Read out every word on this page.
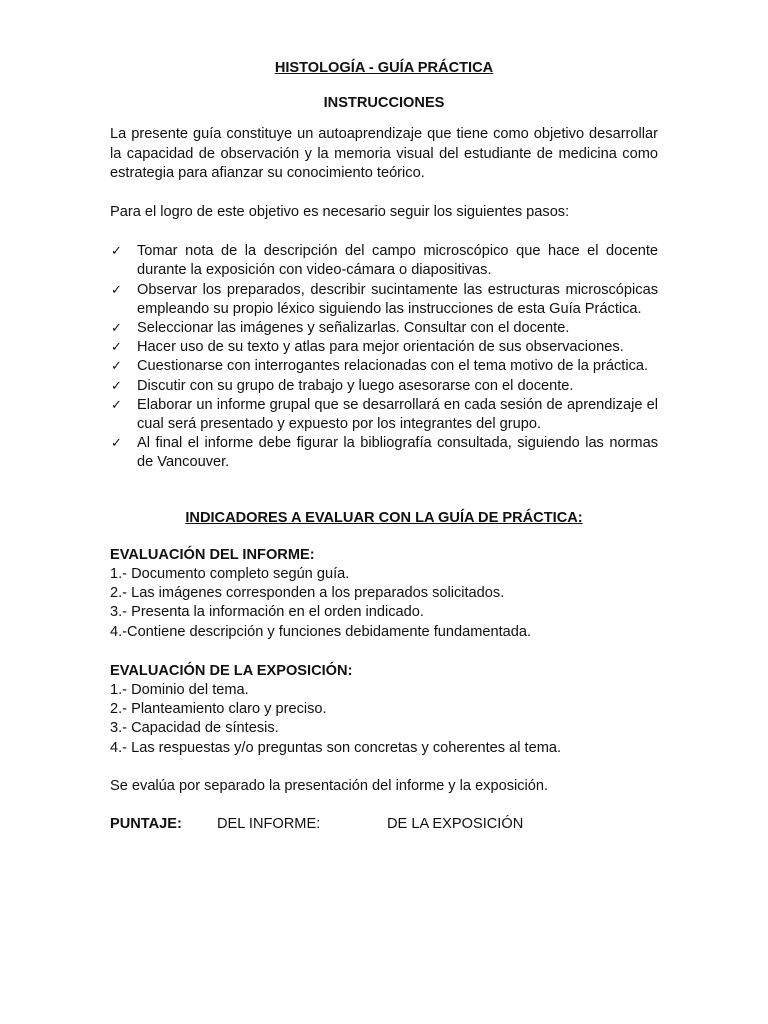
HISTOLOGÍA - GUÍA PRÁCTICA

INSTRUCCIONES

La presente guía constituye un autoaprendizaje que tiene como objetivo desarrollar la capacidad de observación y la memoria visual del estudiante de medicina como estrategia para afianzar su conocimiento teórico.

Para el logro de este objetivo es necesario seguir los siguientes pasos:

✓ Tomar nota de la descripción del campo microscópico que hace el docente durante la exposición con video-cámara o diapositivas.
✓ Observar los preparados, describir sucintamente las estructuras microscópicas empleando su propio léxico siguiendo las instrucciones de esta Guía Práctica.
✓ Seleccionar las imágenes y señalizarlas. Consultar con el docente.
✓ Hacer uso de su texto y atlas para mejor orientación de sus observaciones.
✓ Cuestionarse con interrogantes relacionadas con el tema motivo de la práctica.
✓ Discutir con su grupo de trabajo y luego asesorarse con el docente.
✓ Elaborar un informe grupal que se desarrollará en cada sesión de aprendizaje el cual será presentado y expuesto por los integrantes del grupo.
✓ Al final el informe debe figurar la bibliografía consultada, siguiendo las normas de Vancouver.

INDICADORES A EVALUAR CON LA GUÍA DE PRÁCTICA:

EVALUACIÓN DEL INFORME:

1.- Documento completo según guía.
2.- Las imágenes corresponden a los preparados solicitados.
3.- Presenta la información en el orden indicado.
4.-Contiene descripción y funciones debidamente fundamentada.

EVALUACIÓN DE LA EXPOSICIÓN:

1.- Dominio del tema.
2.- Planteamiento claro y preciso.
3.- Capacidad de síntesis.
4.- Las respuestas y/o preguntas son concretas y coherentes al tema.

Se evalúa por separado la presentación del informe y la exposición.

PUNTAJE: DEL INFORME:	DE LA EXPOSICIÓN
